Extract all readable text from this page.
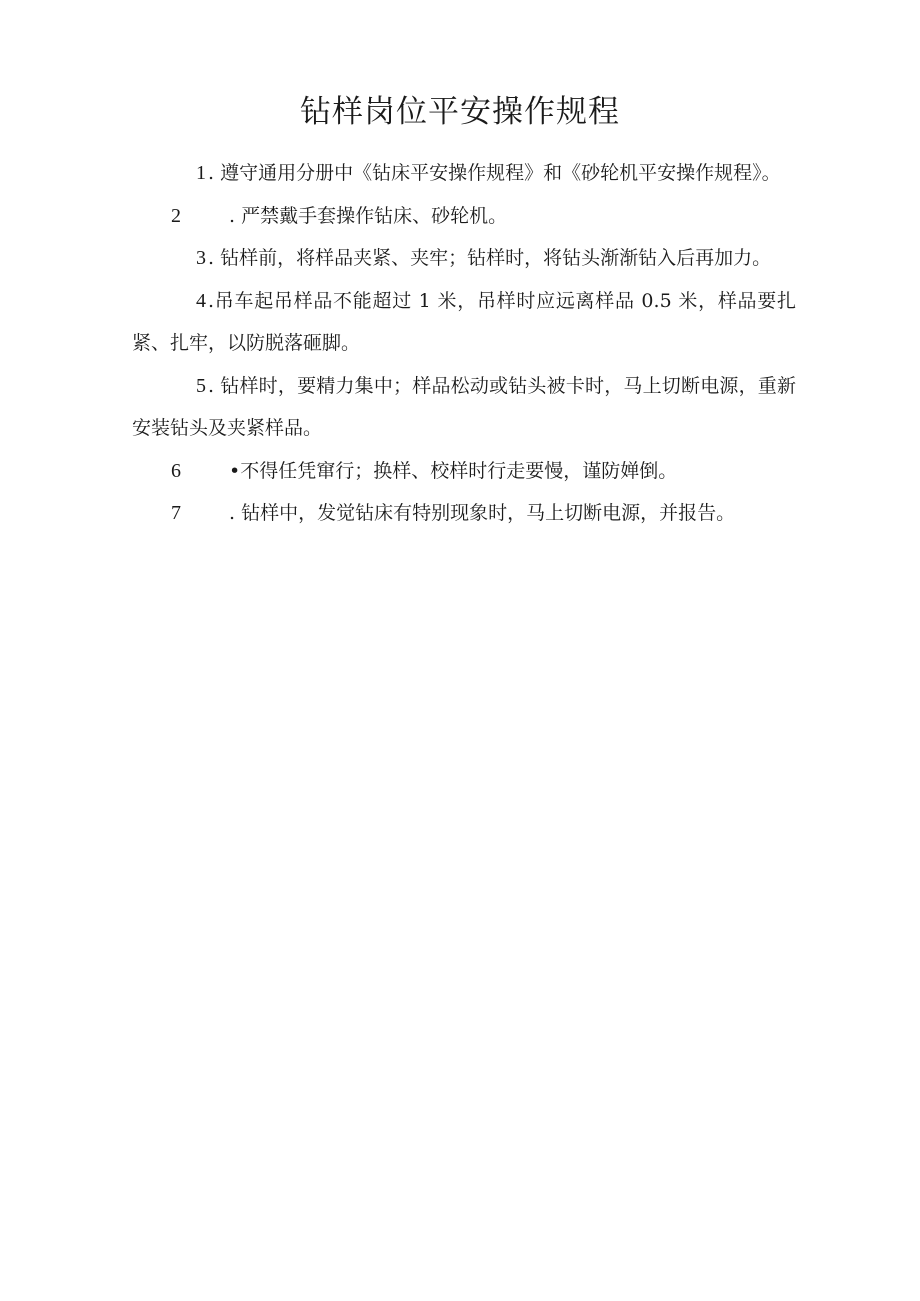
钻样岗位平安操作规程

1 . 遵守通用分册中《钻床平安操作规程》和《砂轮机平安操作规程》。

2	. 严禁戴手套操作钻床、砂轮机。

3 . 钻样前，将样品夹紧、夹牢；钻样时，将钻头渐渐钻入后再加力。

4 .吊车起吊样品不能超过 1 米，吊样时应远离样品 0.5 米，样品要扎紧、扎牢，以防脱落砸脚。

5 . 钻样时，要精力集中；样品松动或钻头被卡时，马上切断电源，重新安装钻头及夹紧样品。

6	•不得任凭窜行；换样、校样时行走要慢，谨防婵倒。

7	. 钻样中，发觉钻床有特别现象时，马上切断电源，并报告。
